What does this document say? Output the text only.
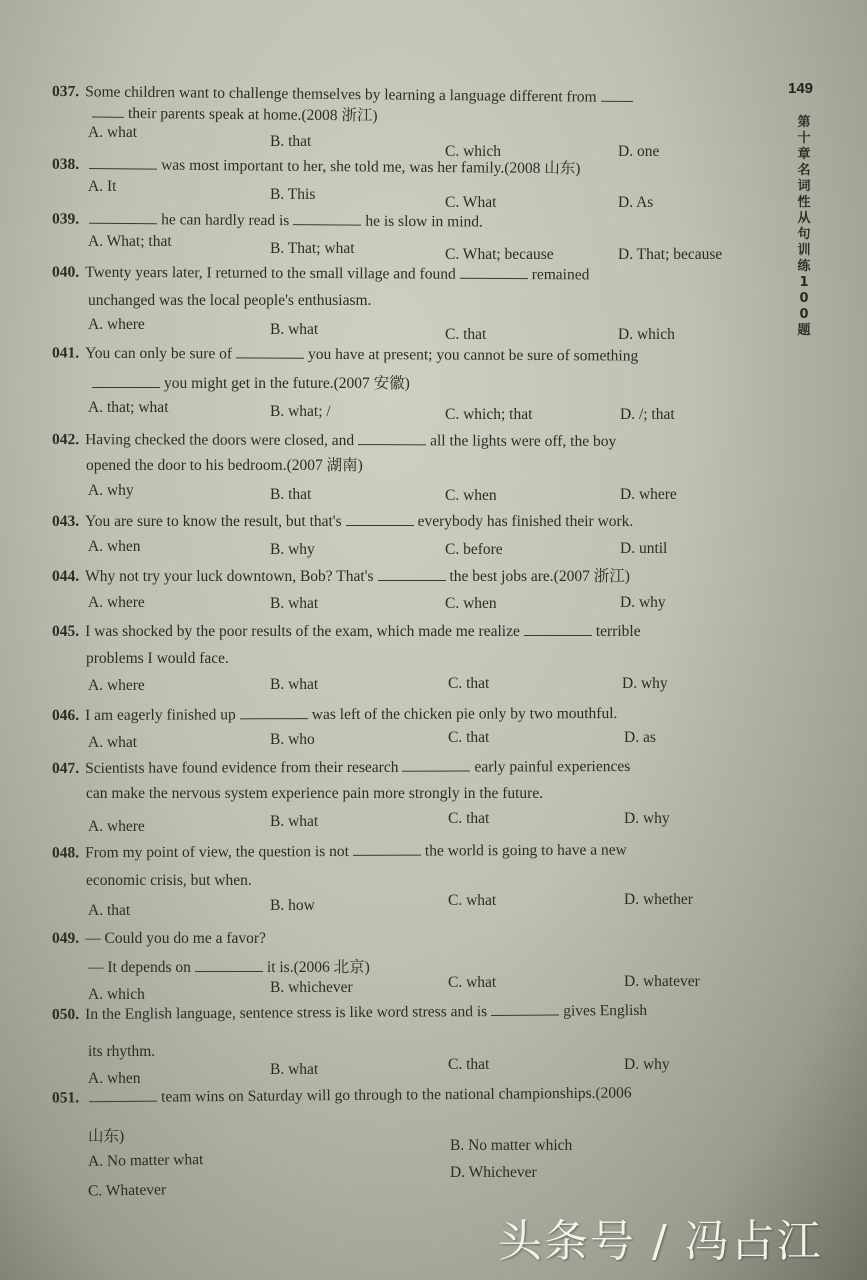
149
第十章 名词性从句训练100题
037. Some children want to challenge themselves by learning a language different from
their parents speak at home.(2008 浙江)
A. what
B. that
C. which	D. one
038.	was most important to her, she told me, was her family.(2008 山东)
A. It	B. This	C. What	D. As
039.	he can hardly read is	he is slow in mind.
A. What; that	B. That; what	C. What; because	D. That; because
040. Twenty years later, I returned to the small village and found	remained
unchanged was the local people's enthusiasm.
A. where	B. what	C. that	D. which
041. You can only be sure of	you have at present; you cannot be sure of something
you might get in the future.(2007 安徽)
A. that; what	B. what; /	C. which; that	D. /; that
042. Having checked the doors were closed, and	all the lights were off, the boy
opened the door to his bedroom.(2007 湖南)
A. why	B. that	C. when	D. where
043. You are sure to know the result, but that's	everybody has finished their work.
A. when	B. why	C. before	D. until
044. Why not try your luck downtown, Bob? That's	the best jobs are.(2007 浙江)
A. where	B. what	C. when	D. why
045. I was shocked by the poor results of the exam, which made me realize	terrible
problems I would face.
A. where	B. what	C. that	D. why
046. I am eagerly finished up	was left of the chicken pie only by two mouthful.
A. what	B. who	C. that	D. as
047. Scientists have found evidence from their research	early painful experiences
can make the nervous system experience pain more strongly in the future.
A. where	B. what	C. that	D. why
048. From my point of view, the question is not	the world is going to have a new
economic crisis, but when.
A. that	B. how	C. what	D. whether
049. — Could you do me a favor?
— It depends on	it is.(2006 北京)
A. which	B. whichever	C. what	D. whatever
050. In the English language, sentence stress is like word stress and is	gives English
its rhythm.
A. when
B. what	C. that	D. why
051.	team wins on Saturday will go through to the national championships.(2006
山东)
A. No matter what
B. No matter which
C. Whatever
D. Whichever
头条号 / 冯占江
